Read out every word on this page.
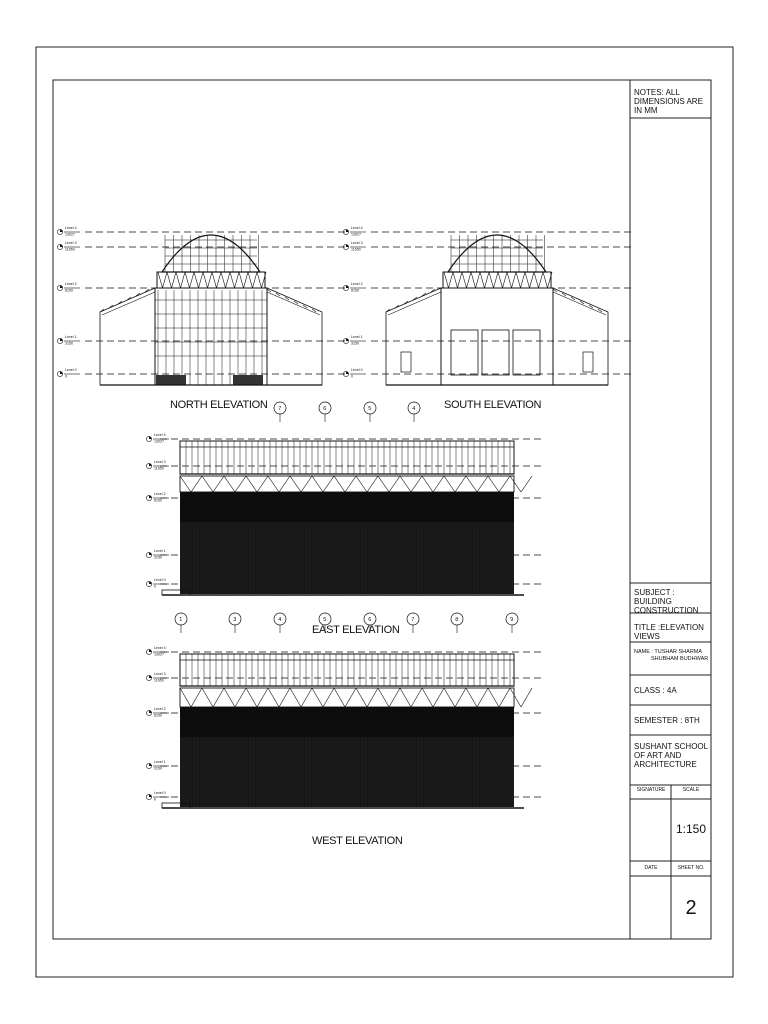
Level 4
13027
Level 3
11650
Level 2
8150
Level 1
3150
Level 0
0
Level 4
13027
Level 3
11650
Level 2
8150
Level 1
3150
Level 0
0
Level 4
13027
Level 3
11650
Level 2
8150
Level 1
3150
Level 0
0
7	6	5	4
Level 4
13027
Level 3
11650
Level 2
8150
Level 1
3150
Level 0
0
1	3	4	5	6	7	8	9
NOTES: ALL DIMENSIONS ARE IN MM
SUBJECT : BUILDING CONSTRUCTION
TITLE :ELEVATION VIEWS
NAME : TUSHAR SHARMA
SHUBHAM BUDHWAR
CLASS : 4A
SEMESTER : 8TH
SUSHANT SCHOOL OF ART AND ARCHITECTURE
SIGNATURE	SCALE
1:150
DATE	SHEET NO.
2
NORTH ELEVATION	SOUTH ELEVATION
EAST ELEVATION
WEST ELEVATION
